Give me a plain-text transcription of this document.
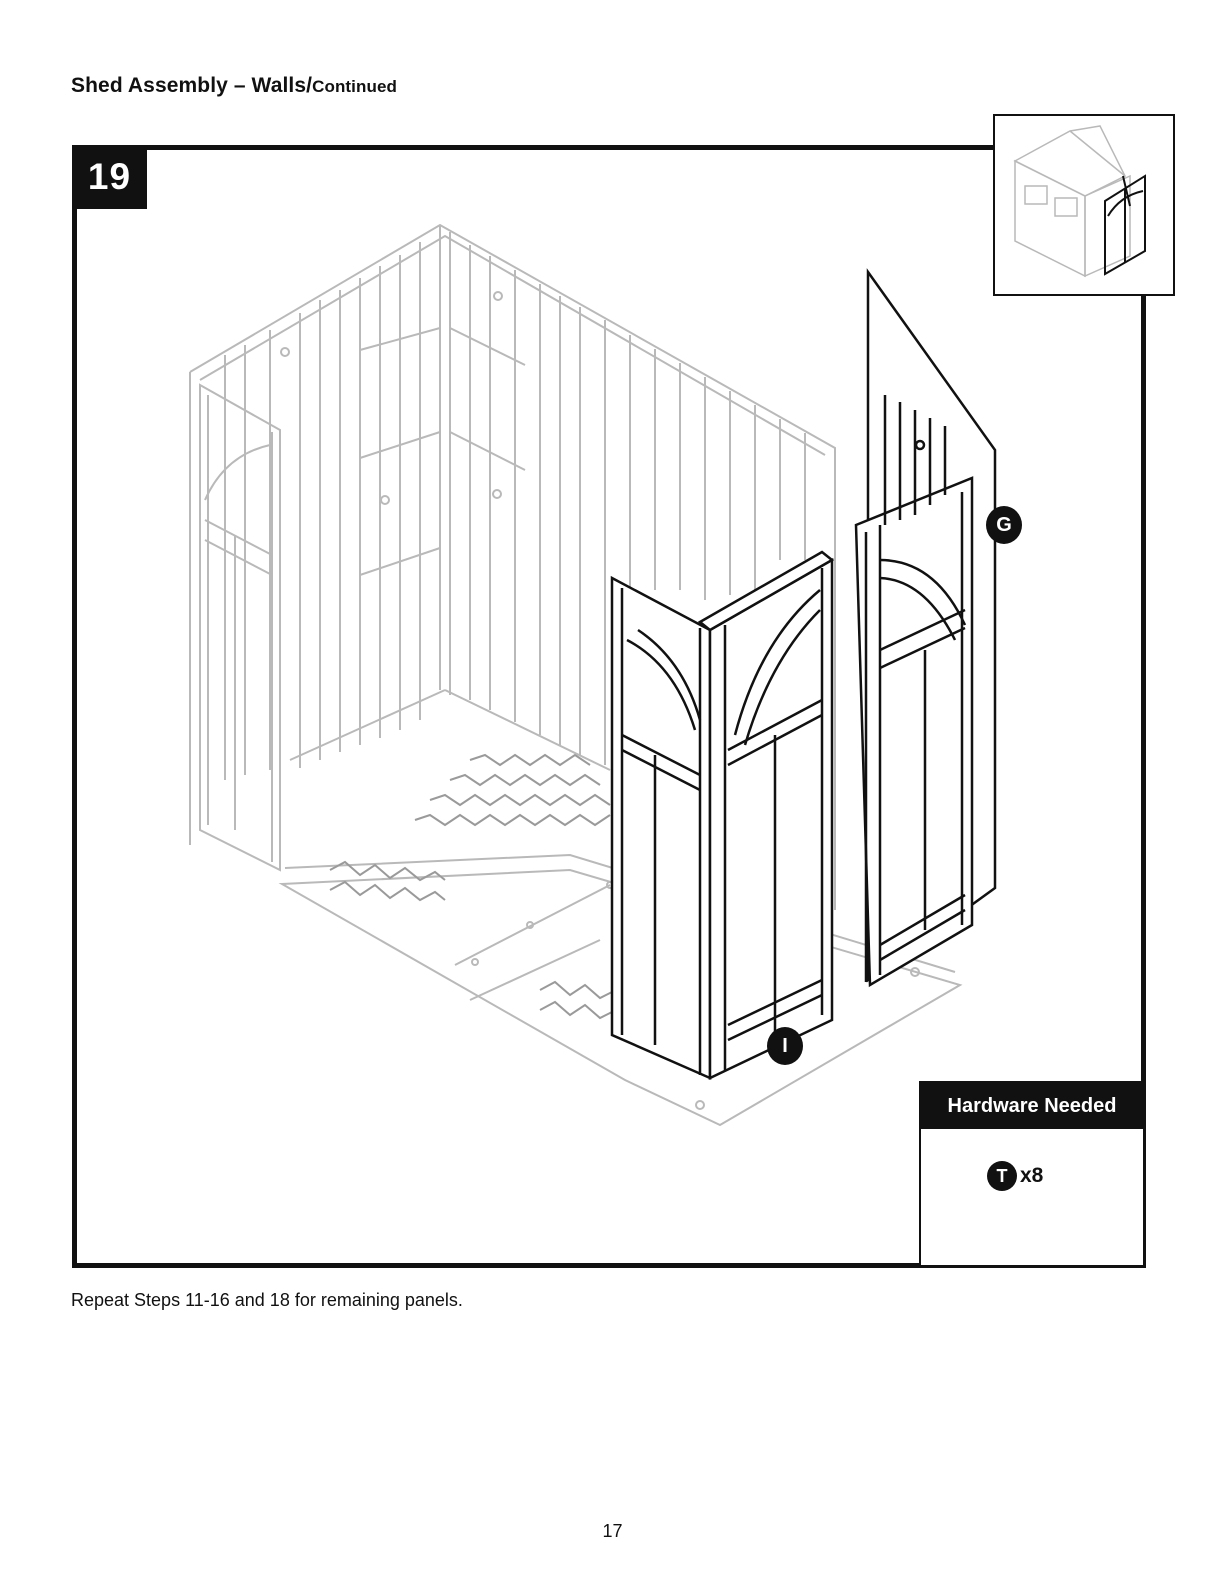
Shed Assembly – Walls/Continued
19
G
I
Hardware Needed
T x8
Repeat Steps 11-16 and 18 for remaining panels.
17
